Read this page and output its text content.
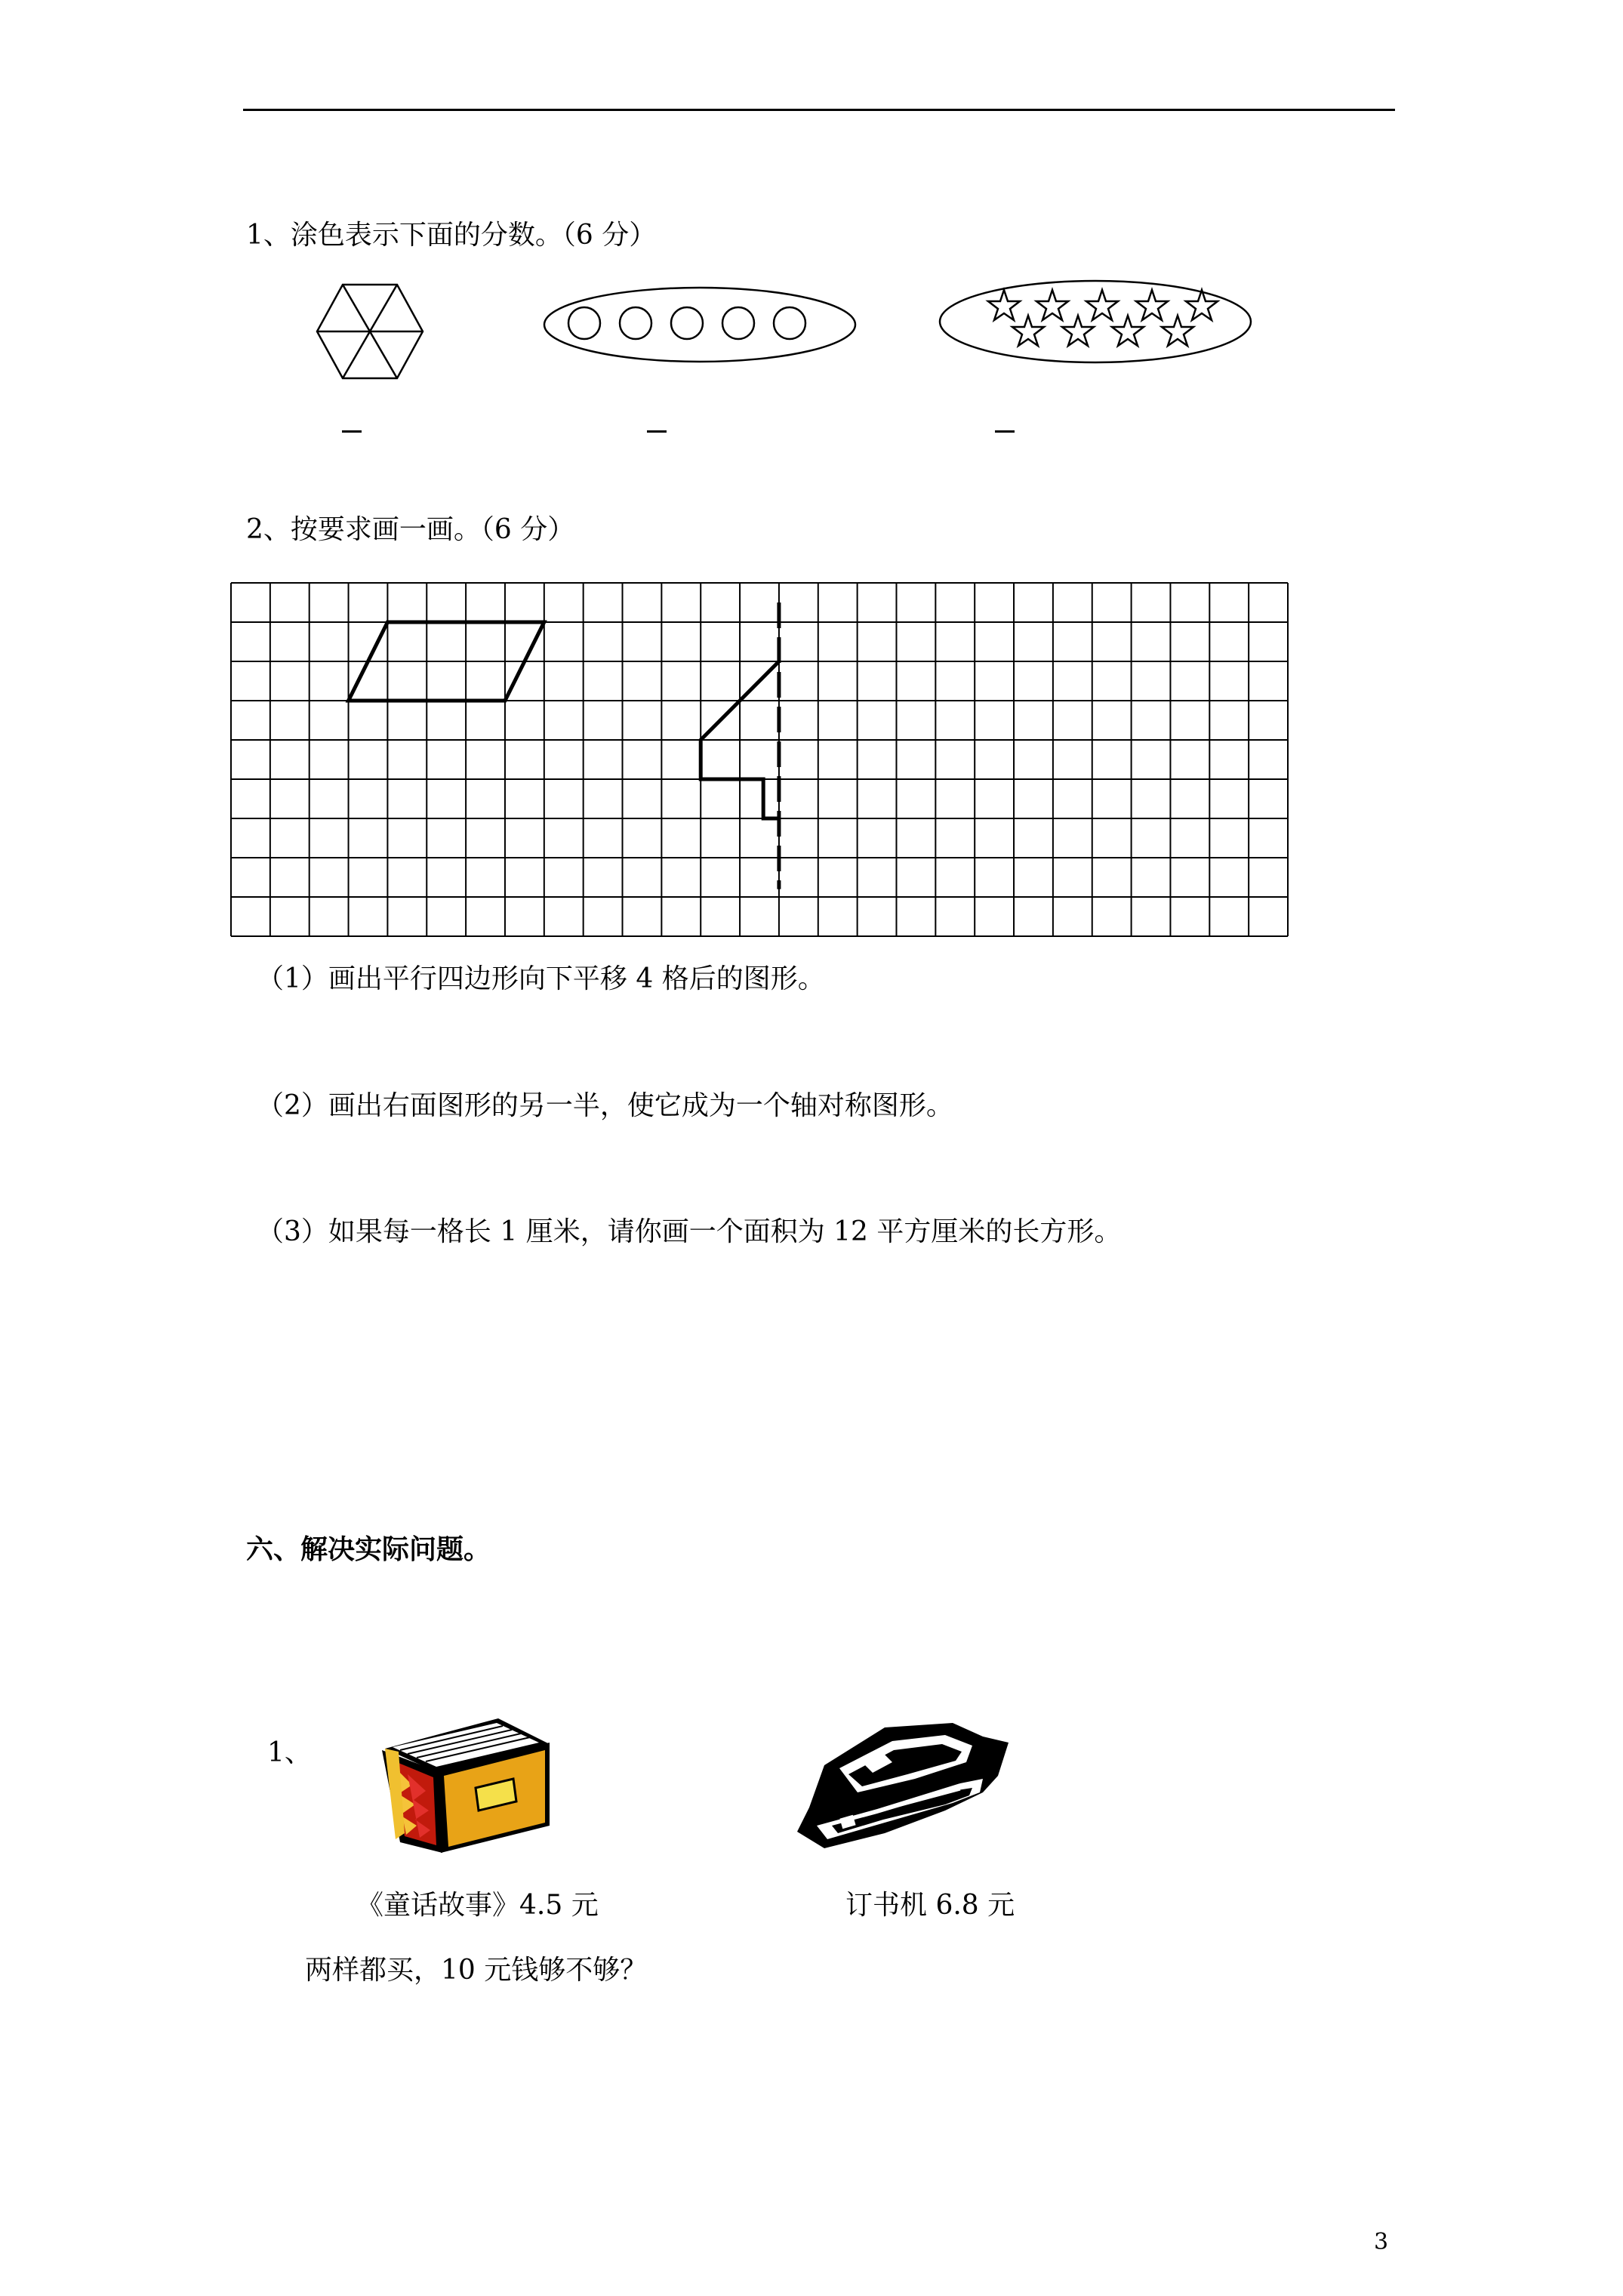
1、涂色表示下面的分数。（6 分）
2、按要求画一画。（6 分）
（1）画出平行四边形向下平移 4 格后的图形。
（2）画出右面图形的另一半，使它成为一个轴对称图形。
（3）如果每一格长 1 厘米，请你画一个面积为 12 平方厘米的长方形。
六、解决实际问题。
1、
《童话故事》4.5 元	订书机 6.8 元
两样都买，10 元钱够不够？
3
